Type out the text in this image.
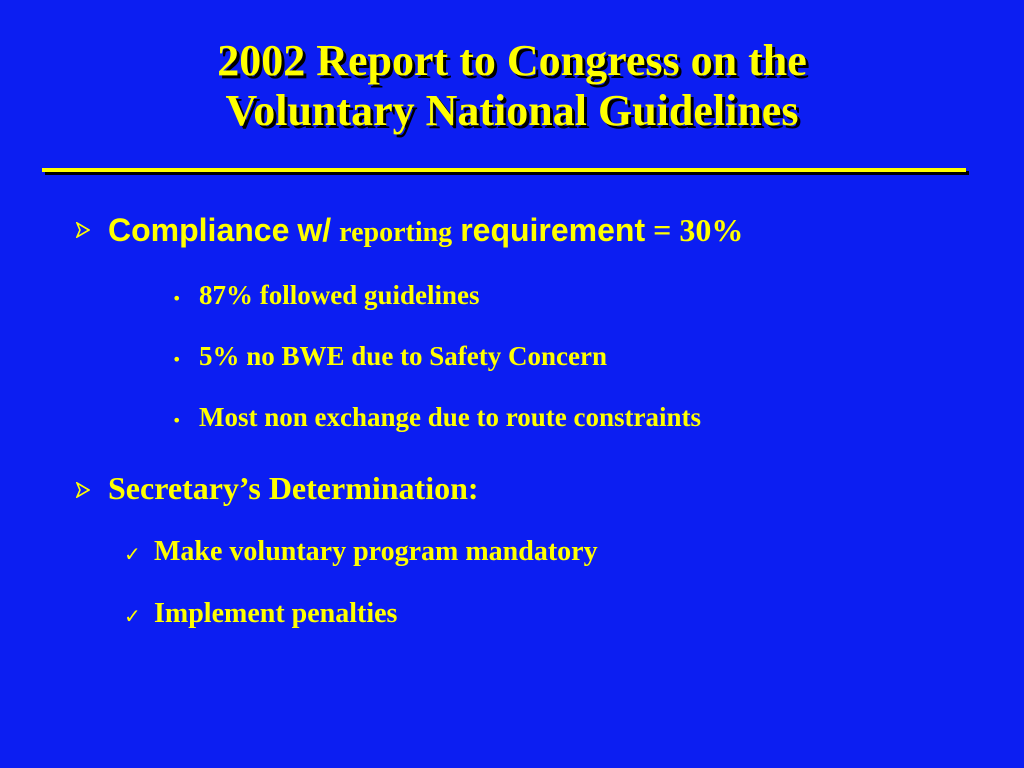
2002 Report to Congress on the
Voluntary National Guidelines
Compliance w/ reporting requirement = 30%
• 87% followed guidelines
• 5% no BWE due to Safety Concern
• Most non exchange due to route constraints
Secretary’s Determination:
✓ Make voluntary program mandatory
✓ Implement penalties
